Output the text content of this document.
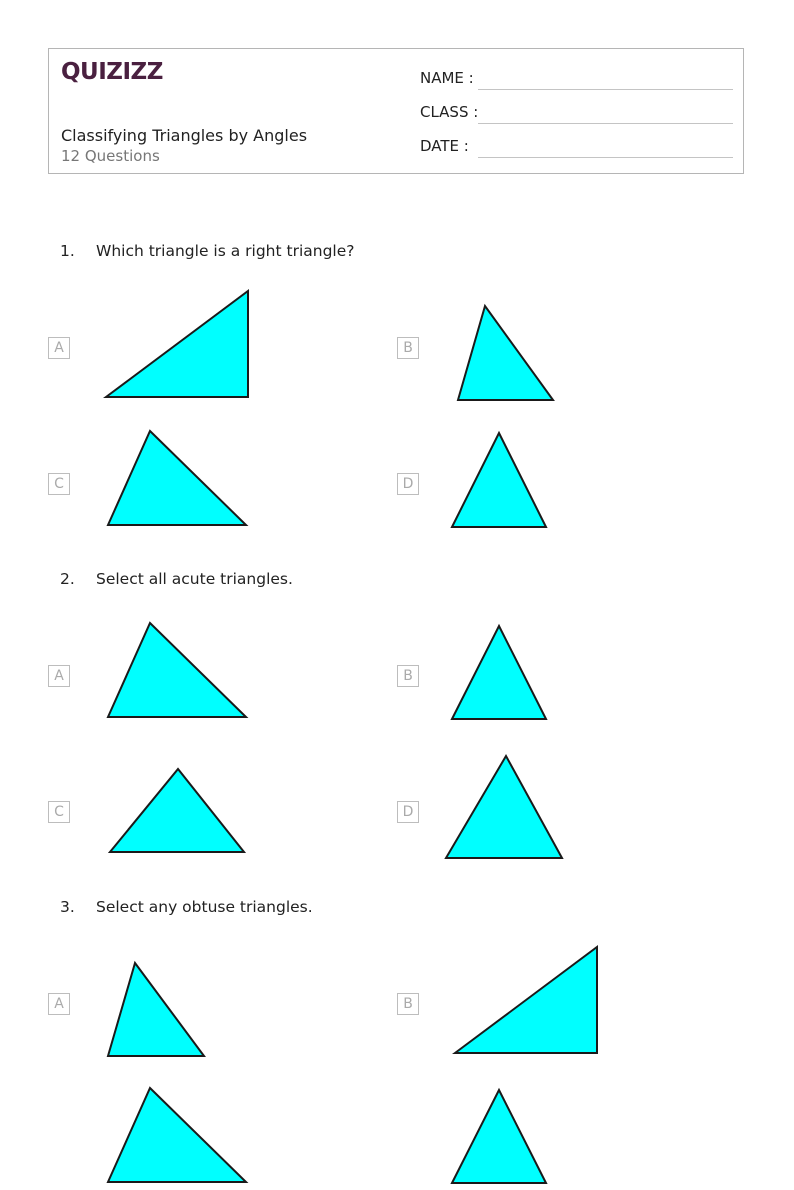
QUIZIZZ
Classifying Triangles by Angles
12 Questions
NAME :
CLASS :
DATE :
1. Which triangle is a right triangle?
A	B
C	D
2. Select all acute triangles.
A	B
C	D
3. Select any obtuse triangles.
A	B
